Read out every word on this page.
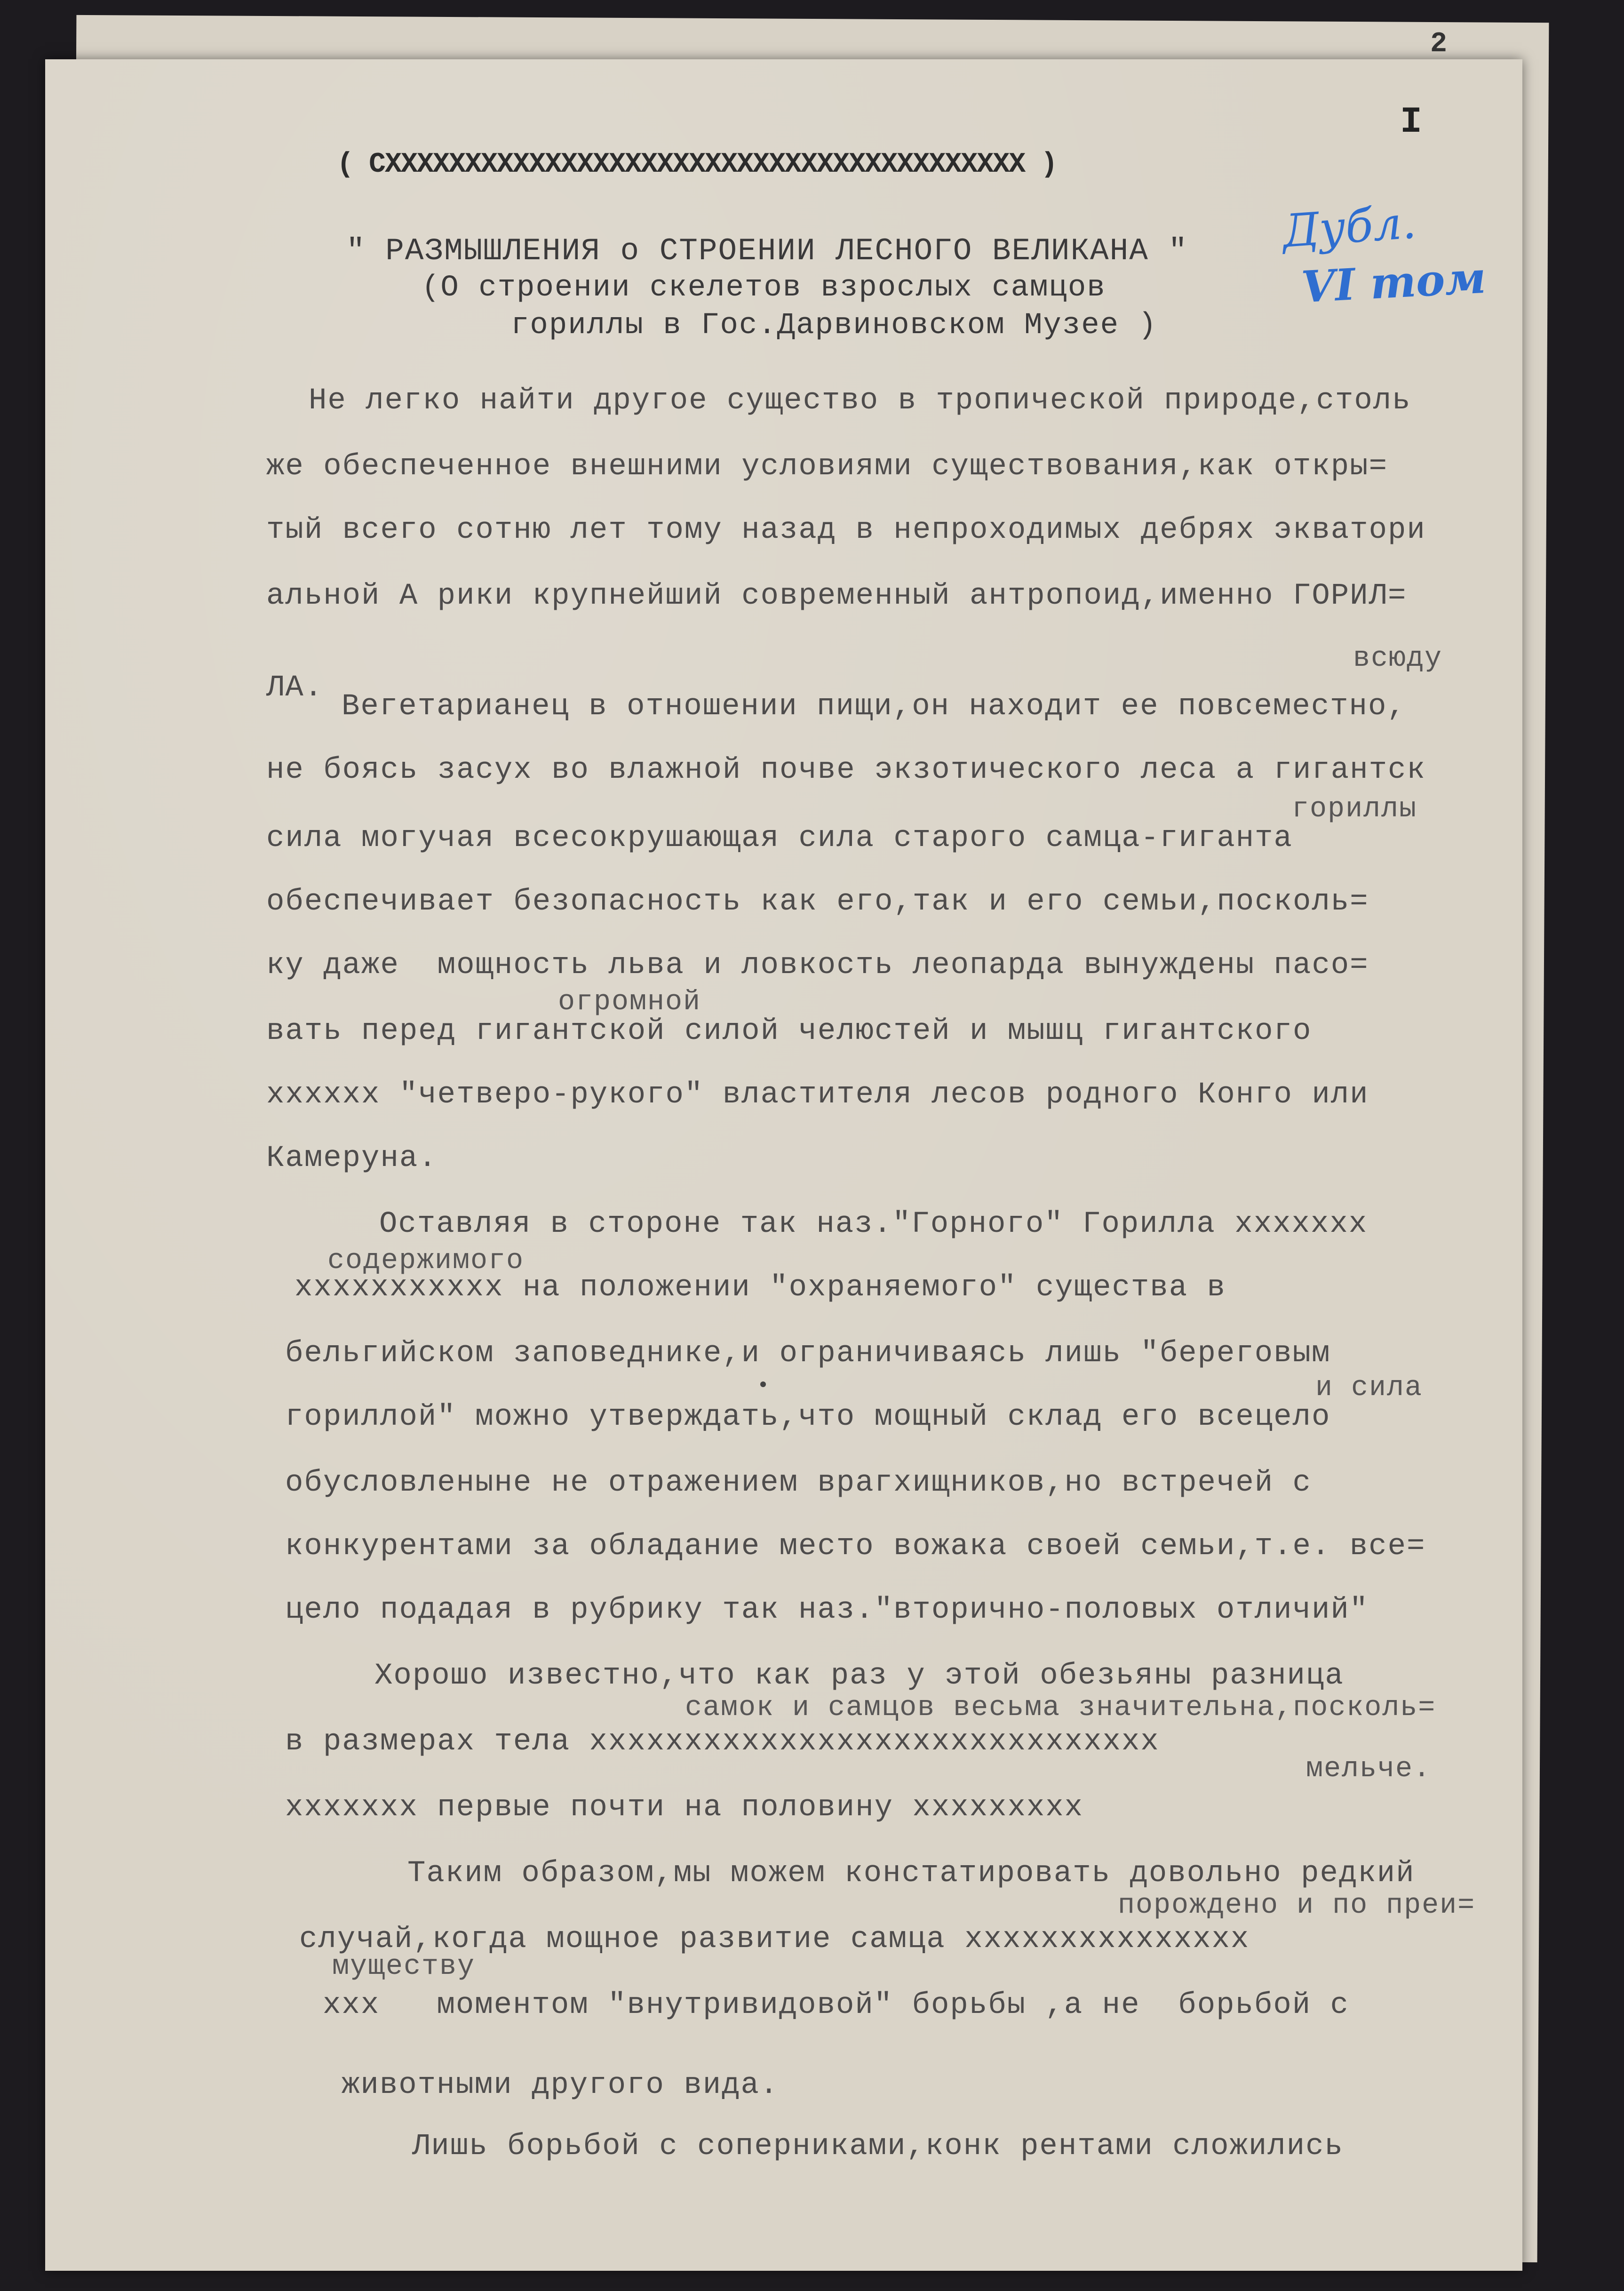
I
( СХХХХХХХХХХХХХХХХХХХХХХХХХХХХХХХХХХХХХХХХ )
" РАЗМЫШЛЕНИЯ о СТРОЕНИИ ЛЕСНОГО ВЕЛИКАНА "
(О строении скелетов взрослых самцов
гориллы в Гос.Дарвиновском Музее )
Дубл.
VI том
Не легко найти другое существо в тропической природе,столь
же обеспеченное внешними условиями существования,как откры=
тый всего сотню лет тому назад в непроходимых дебрях экватори
альной А рики крупнейший современный антропоид,именно ГОРИЛ=
всюду
ЛА.
Вегетарианец в отношении пищи,он находит ее повсеместно,
не боясь засух во влажной почве экзотического леса а гигантск
гориллы
сила могучая всесокрушающая сила старого самца-гиганта
обеспечивает безопасность как его,так и его семьи,посколь=
ку даже  мощность льва и ловкость леопарда вынуждены пасо=
огромной
вать перед гигантской силой челюстей и мышц гигантского
хххххх "четверо-рукого" властителя лесов родного Конго или
Камеруна.
Оставляя в стороне так наз."Горного" Горилла ххххххх
содержимого
ххххххххххх на положении "охраняемого" существа в
бельгийском заповеднике,и ограничиваясь лишь "береговым
и сила
гориллой" можно утверждать,что мощный склад его всецело
обусловленыне не отражением врагхищников,но встречей с
конкурентами за обладание место вожака своей семьи,т.е. все=
цело подадая в рубрику так наз."вторично-половых отличий"
Хорошо известно,что как раз у этой обезьяны разница
самок и самцов весьма значительна,посколь=
в размерах тела хххххххххххххххххххххххххххххх
мельче.
ххххххх первые почти на половину ххххххххх
Таким образом,мы можем констатировать довольно редкий
порождено и по преи=
случай,когда мощное развитие самца ххххххххххххххх
муществу
ххх   моментом "внутривидовой" борьбы ,а не  борьбой с
животными другого вида.
Лишь борьбой с соперниками,конк рентами сложились
2
